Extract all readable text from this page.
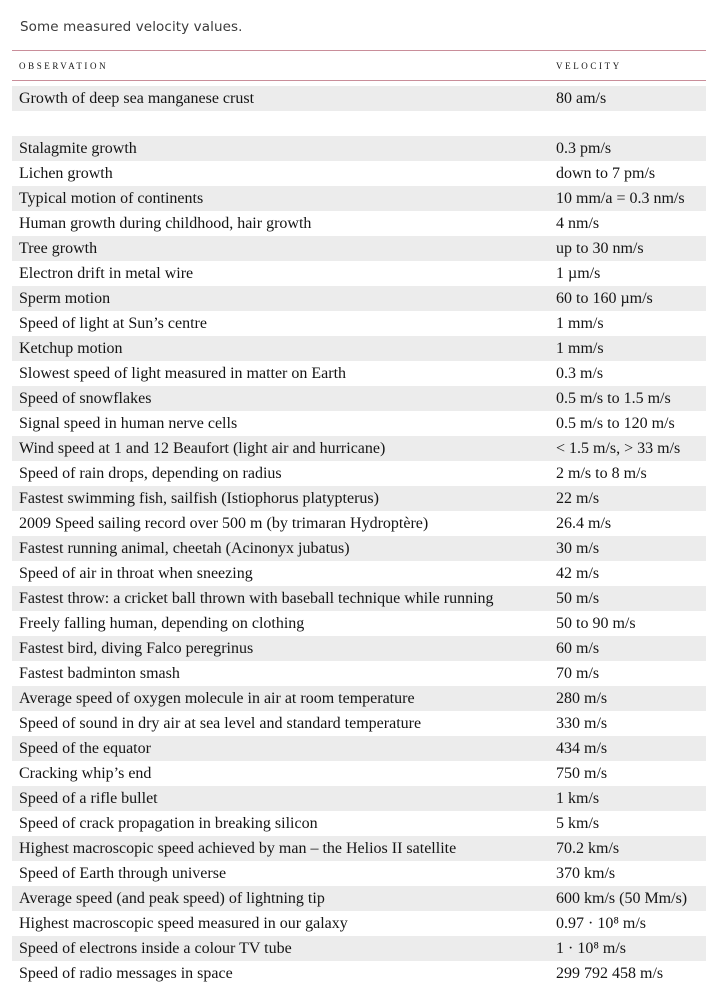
Some measured velocity values.
observation	velocity
Growth of deep sea manganese crust	80 am/s
Stalagmite growth	0.3 pm/s
Lichen growth	down to 7 pm/s
Typical motion of continents	10 mm/a = 0.3 nm/s
Human growth during childhood, hair growth	4 nm/s
Tree growth	up to 30 nm/s
Electron drift in metal wire	1 µm/s
Sperm motion	60 to 160 µm/s
Speed of light at Sun’s centre	1 mm/s
Ketchup motion	1 mm/s
Slowest speed of light measured in matter on Earth	0.3 m/s
Speed of snowflakes	0.5 m/s to 1.5 m/s
Signal speed in human nerve cells	0.5 m/s to 120 m/s
Wind speed at 1 and 12 Beaufort (light air and hurricane)	< 1.5 m/s, > 33 m/s
Speed of rain drops, depending on radius	2 m/s to 8 m/s
Fastest swimming fish, sailfish (Istiophorus platypterus)	22 m/s
2009 Speed sailing record over 500 m (by trimaran Hydroptère)	26.4 m/s
Fastest running animal, cheetah (Acinonyx jubatus)	30 m/s
Speed of air in throat when sneezing	42 m/s
Fastest throw: a cricket ball thrown with baseball technique while running	50 m/s
Freely falling human, depending on clothing	50 to 90 m/s
Fastest bird, diving Falco peregrinus	60 m/s
Fastest badminton smash	70 m/s
Average speed of oxygen molecule in air at room temperature	280 m/s
Speed of sound in dry air at sea level and standard temperature	330 m/s
Speed of the equator	434 m/s
Cracking whip’s end	750 m/s
Speed of a rifle bullet	1 km/s
Speed of crack propagation in breaking silicon	5 km/s
Highest macroscopic speed achieved by man – the Helios II satellite	70.2 km/s
Speed of Earth through universe	370 km/s
Average speed (and peak speed) of lightning tip	600 km/s (50 Mm/s)
Highest macroscopic speed measured in our galaxy	0.97 · 10⁸ m/s
Speed of electrons inside a colour TV tube	1 · 10⁸ m/s
Speed of radio messages in space	299 792 458 m/s
